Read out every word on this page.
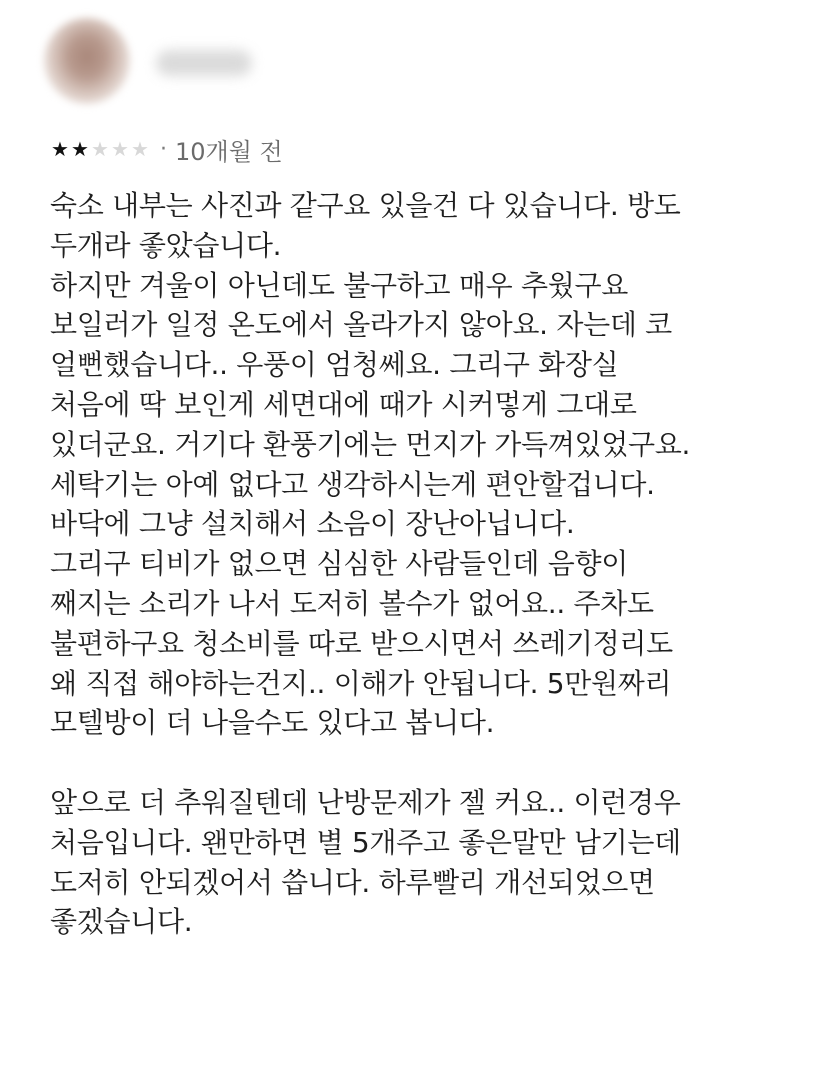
★ ★ ★ ★ ★ · 10개월 전
숙소 내부는 사진과 같구요 있을건 다 있습니다. 방도
두개라 좋았습니다.
하지만 겨울이 아닌데도 불구하고 매우 추웠구요
보일러가 일정 온도에서 올라가지 않아요. 자는데 코
얼뻔했습니다.. 우풍이 엄청쎄요. 그리구 화장실
처음에 딱 보인게 세면대에 때가 시커멓게 그대로
있더군요. 거기다 환풍기에는 먼지가 가득껴있었구요.
세탁기는 아예 없다고 생각하시는게 편안할겁니다.
바닥에 그냥 설치해서 소음이 장난아닙니다.
그리구 티비가 없으면 심심한 사람들인데 음향이
째지는 소리가 나서 도저히 볼수가 없어요.. 주차도
불편하구요 청소비를 따로 받으시면서 쓰레기정리도
왜 직접 해야하는건지.. 이해가 안됩니다. 5만원짜리
모텔방이 더 나을수도 있다고 봅니다.
앞으로 더 추워질텐데 난방문제가 젤 커요.. 이런경우
처음입니다. 왠만하면 별 5개주고 좋은말만 남기는데
도저히 안되겠어서 씁니다. 하루빨리 개선되었으면
좋겠습니다.
